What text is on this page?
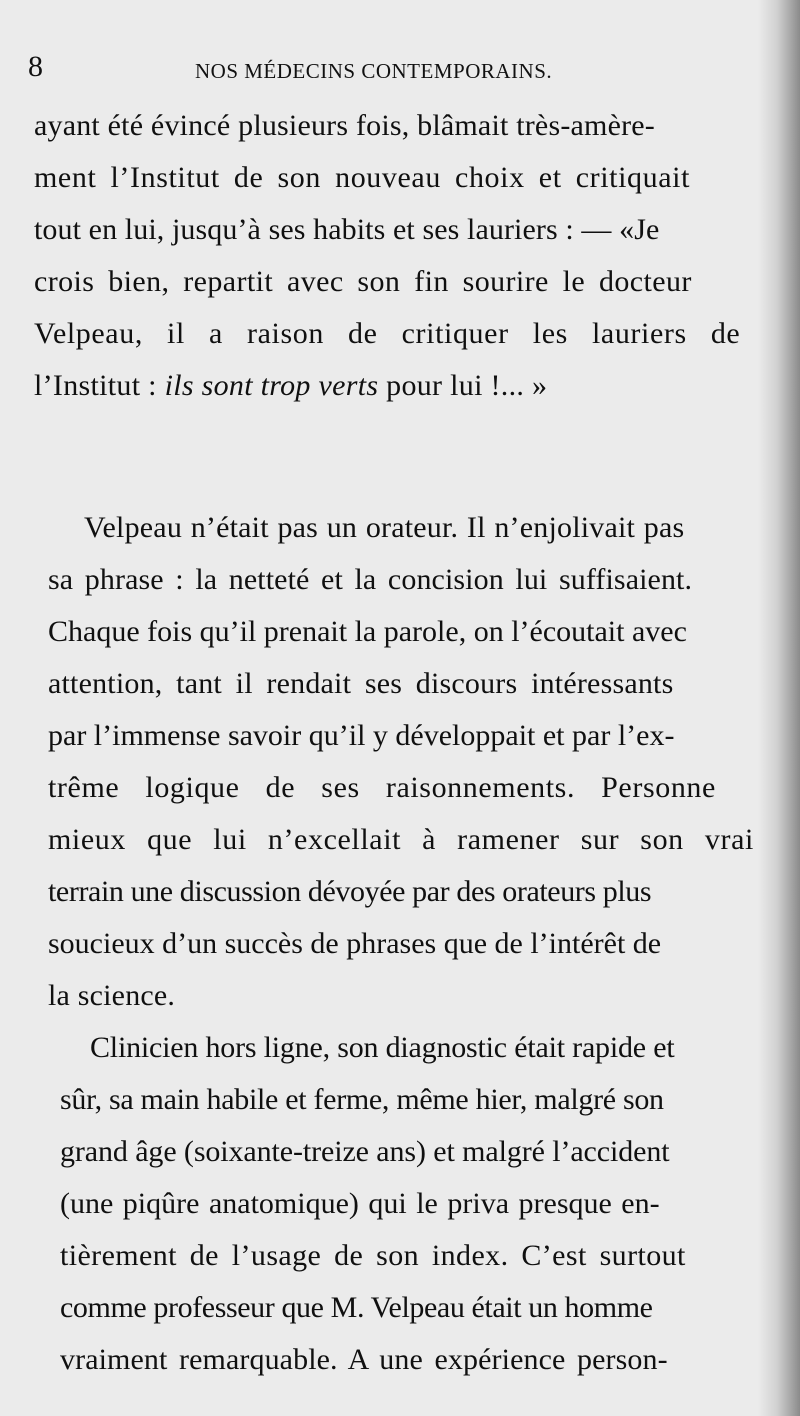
8	NOS MÉDECINS CONTEMPORAINS.
ayant été évincé plusieurs fois, blâmait très-amère-
ment l’Institut de son nouveau choix et critiquait
tout en lui, jusqu’à ses habits et ses lauriers : — «Je
crois bien, repartit avec son fin sourire le docteur
Velpeau, il a raison de critiquer les lauriers de
l’Institut : ils sont trop verts pour lui !... »
Velpeau n’était pas un orateur. Il n’enjolivait pas
sa phrase : la netteté et la concision lui suffisaient.
Chaque fois qu’il prenait la parole, on l’écoutait avec
attention, tant il rendait ses discours intéressants
par l’immense savoir qu’il y développait et par l’ex-
trême logique de ses raisonnements. Personne
mieux que lui n’excellait à ramener sur son vrai
terrain une discussion dévoyée par des orateurs plus
soucieux d’un succès de phrases que de l’intérêt de
la science.
Clinicien hors ligne, son diagnostic était rapide et
sûr, sa main habile et ferme, même hier, malgré son
grand âge (soixante-treize ans) et malgré l’accident
(une piqûre anatomique) qui le priva presque en-
tièrement de l’usage de son index. C’est surtout
comme professeur que M. Velpeau était un homme
vraiment remarquable. A une expérience person-
